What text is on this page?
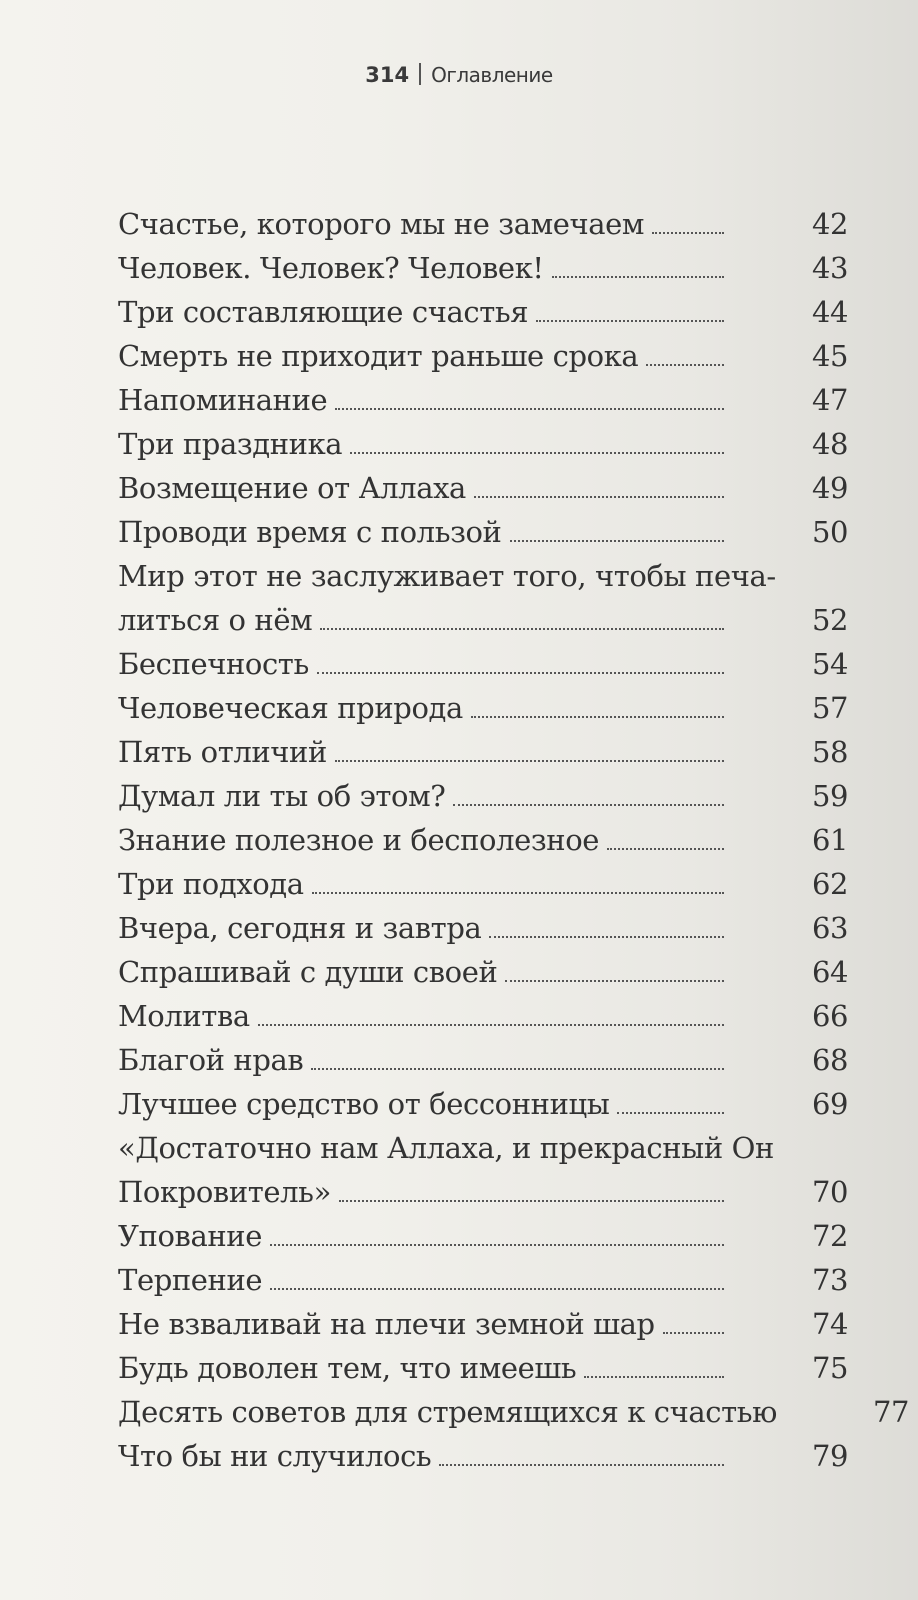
314 Оглавление
Счастье, которого мы не замечаем	42
Человек. Человек? Человек!	43
Три составляющие счастья	44
Смерть не приходит раньше срока	45
Напоминание	47
Три праздника	48
Возмещение от Аллаха	49
Проводи время с пользой	50
Мир этот не заслуживает того, чтобы печа-
литься о нём	52
Беспечность	54
Человеческая природа	57
Пять отличий	58
Думал ли ты об этом?	59
Знание полезное и бесполезное	61
Три подхода	62
Вчера, сегодня и завтра	63
Спрашивай с души своей	64
Молитва	66
Благой нрав	68
Лучшее средство от бессонницы	69
«Достаточно нам Аллаха, и прекрасный Он
Покровитель»	70
Упование	72
Терпение	73
Не взваливай на плечи земной шар	74
Будь доволен тем, что имеешь	75
Десять советов для стремящихся к счастью	77
Что бы ни случилось	79
